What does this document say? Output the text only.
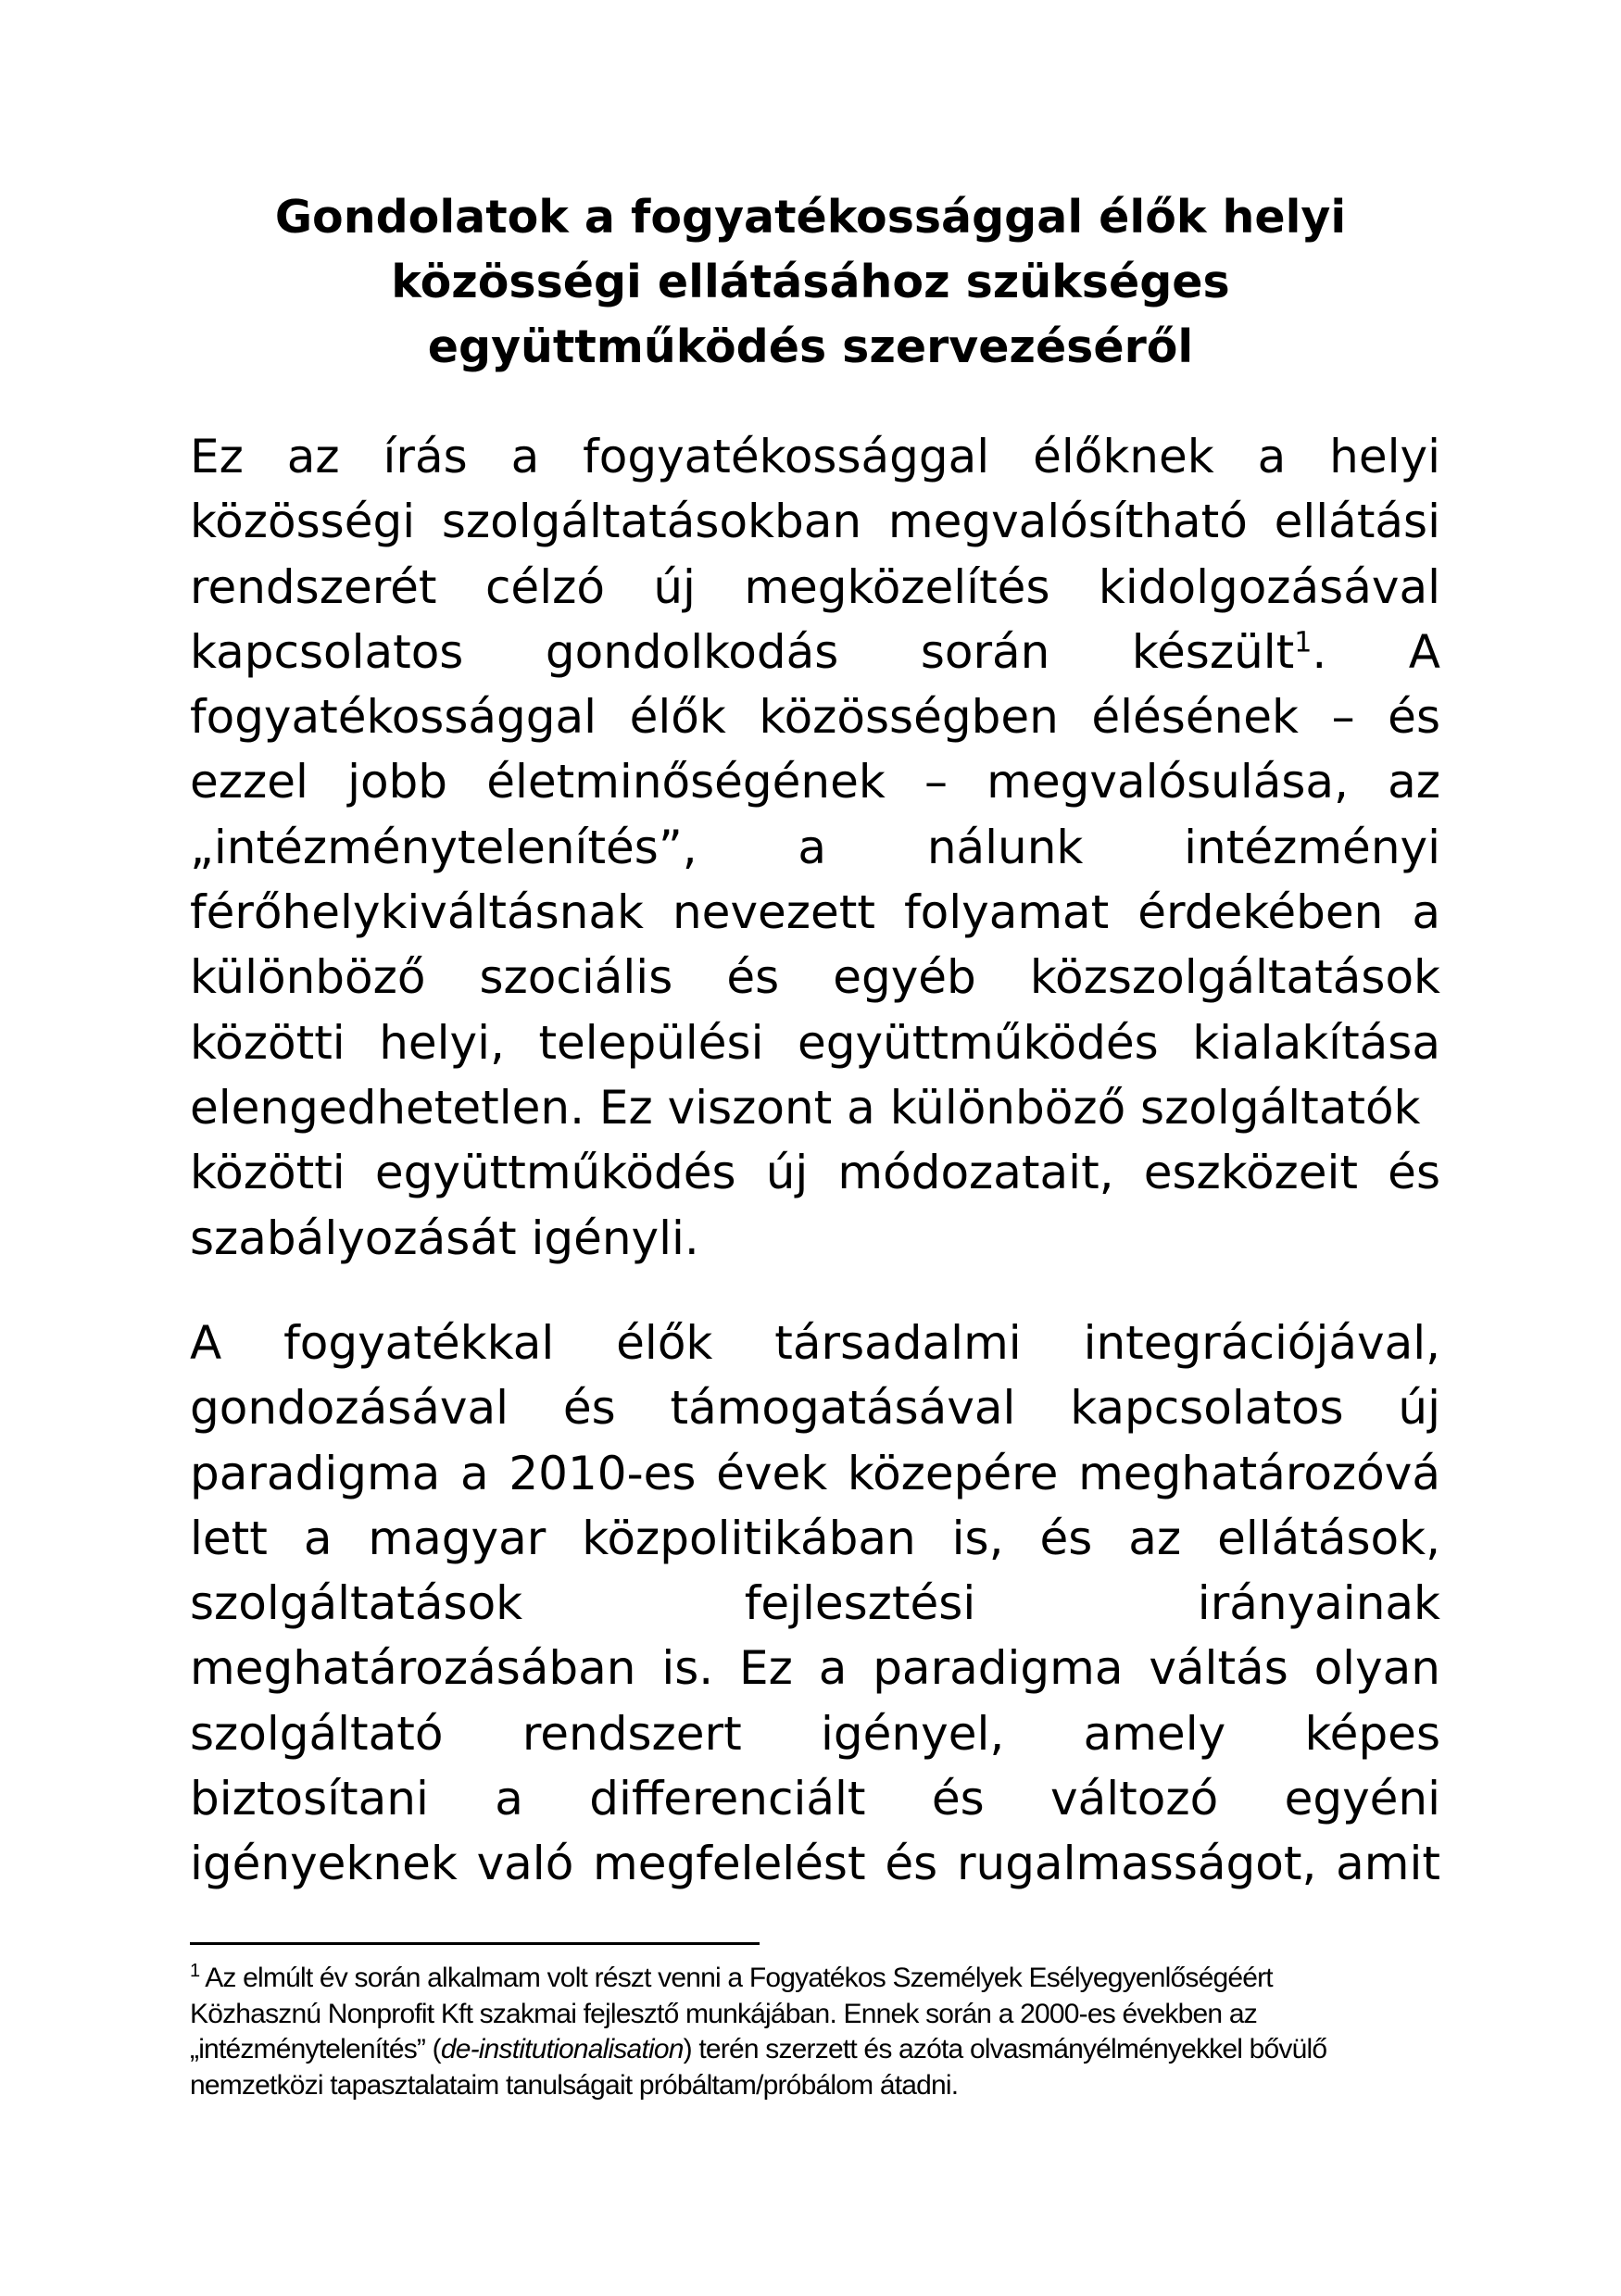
Gondolatok a fogyatékossággal élők helyi
közösségi ellátásához szükséges
együttműködés szervezéséről
Ez az írás a fogyatékossággal élőknek a helyi
közösségi szolgáltatásokban megvalósítható ellátási
rendszerét célzó új megközelítés kidolgozásával
kapcsolatos gondolkodás során készült$^1$. A
fogyatékossággal élők közösségben élésének – és
ezzel jobb életminőségének – megvalósulása, az
„intézménytelenítés”, a nálunk intézményi
férőhelykiváltásnak nevezett folyamat érdekében a
különböző szociális és egyéb közszolgáltatások
közötti helyi, települési együttműködés kialakítása
elengedhetetlen. Ez viszont a különböző szolgáltatók
közötti együttműködés új módozatait, eszközeit és
szabályozását igényli.
A fogyatékkal élők társadalmi integrációjával,
gondozásával és támogatásával kapcsolatos új
paradigma a 2010-es évek közepére meghatározóvá
lett a magyar közpolitikában is, és az ellátások,
szolgáltatások fejlesztési irányainak
meghatározásában is. Ez a paradigma váltás olyan
szolgáltató rendszert igényel, amely képes
biztosítani a differenciált és változó egyéni
igényeknek való megfelelést és rugalmasságot, amit
$^1$ Az elmúlt év során alkalmam volt részt venni a Fogyatékos Személyek Esélyegyenlőségéért
Közhasznú Nonprofit Kft szakmai fejlesztő munkájában. Ennek során a 2000-es években az
„intézménytelenítés” (de-institutionalisation) terén szerzett és azóta olvasmányélményekkel bővülő
nemzetközi tapasztalataim tanulságait próbáltam/próbálom átadni.
